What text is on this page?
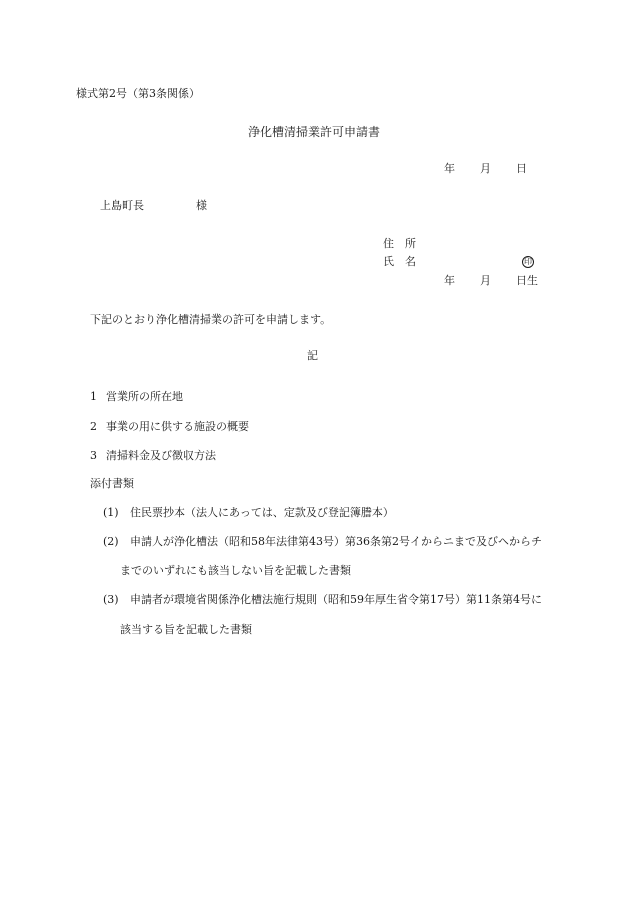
様式第2号（第3条関係）
浄化槽清掃業許可申請書
年 月 日
上島町長	様
住　所
氏　名	印
年 月 日生
下記のとおり浄化槽清掃業の許可を申請します。
記
1 営業所の所在地
2 事業の用に供する施設の概要
3 清掃料金及び徴収方法
添付書類
(1) 住民票抄本（法人にあっては、定款及び登記簿謄本）
(2) 申請人が浄化槽法（昭和58年法律第43号）第36条第2号イからニまで及びヘからチ
までのいずれにも該当しない旨を記載した書類
(3) 申請者が環境省関係浄化槽法施行規則（昭和59年厚生省令第17号）第11条第4号に
該当する旨を記載した書類
